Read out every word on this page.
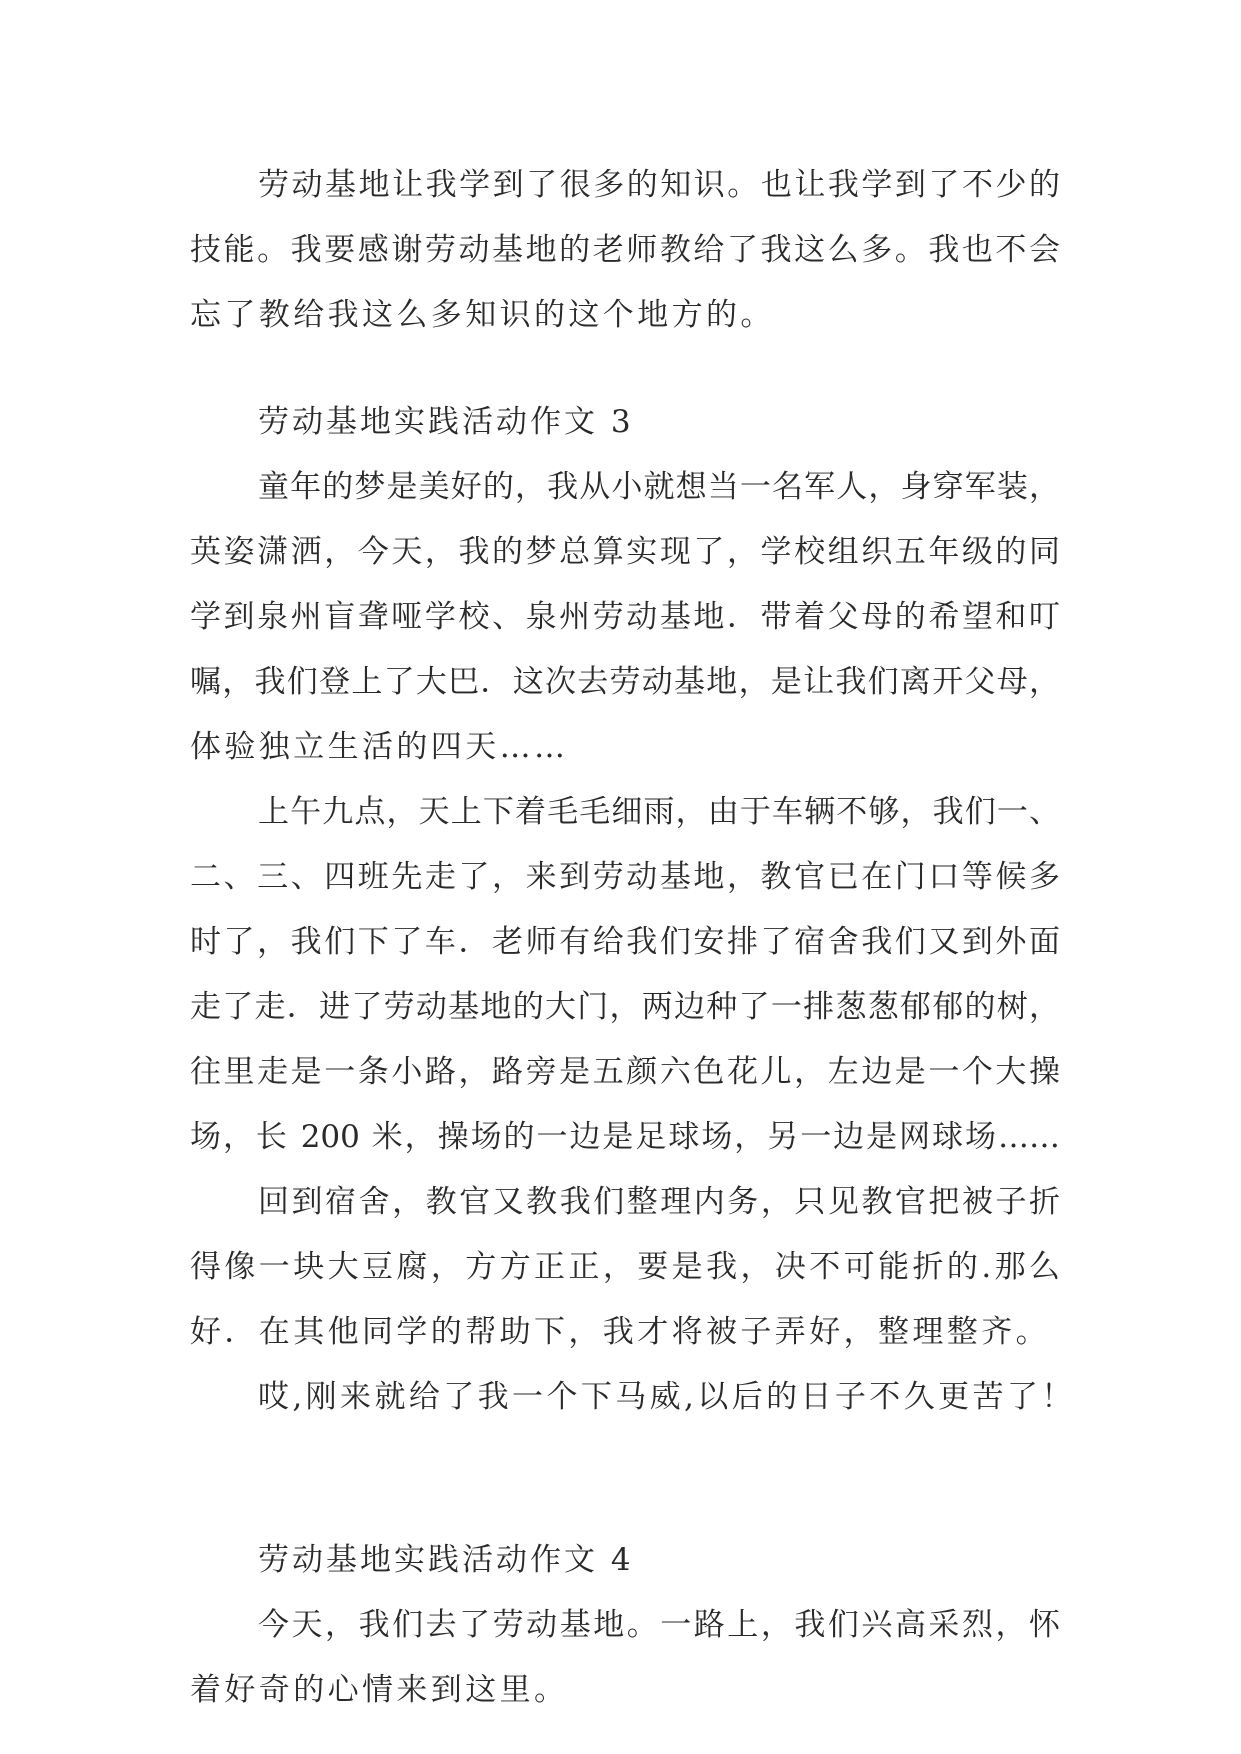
劳动基地让我学到了很多的知识。也让我学到了不少的
技能。我要感谢劳动基地的老师教给了我这么多。我也不会
忘了教给我这么多知识的这个地方的。
劳动基地实践活动作文 3
童年的梦是美好的，我从小就想当一名军人，身穿军装，
英姿潇洒，今天，我的梦总算实现了，学校组织五年级的同
学到泉州盲聋哑学校、泉州劳动基地．带着父母的希望和叮
嘱，我们登上了大巴．这次去劳动基地，是让我们离开父母，
体验独立生活的四天……
上午九点，天上下着毛毛细雨，由于车辆不够，我们一、
二、三、四班先走了，来到劳动基地，教官已在门口等候多
时了，我们下了车．老师有给我们安排了宿舍我们又到外面
走了走．进了劳动基地的大门，两边种了一排葱葱郁郁的树，
往里走是一条小路，路旁是五颜六色花儿，左边是一个大操
场，长 200 米，操场的一边是足球场，另一边是网球场……
回到宿舍，教官又教我们整理内务，只见教官把被子折
得像一块大豆腐，方方正正，要是我，决不可能折的.那么
好．在其他同学的帮助下，我才将被子弄好，整理整齐。
哎,刚来就给了我一个下马威,以后的日子不久更苦了！
劳动基地实践活动作文 4
今天，我们去了劳动基地。一路上，我们兴高采烈，怀
着好奇的心情来到这里。
